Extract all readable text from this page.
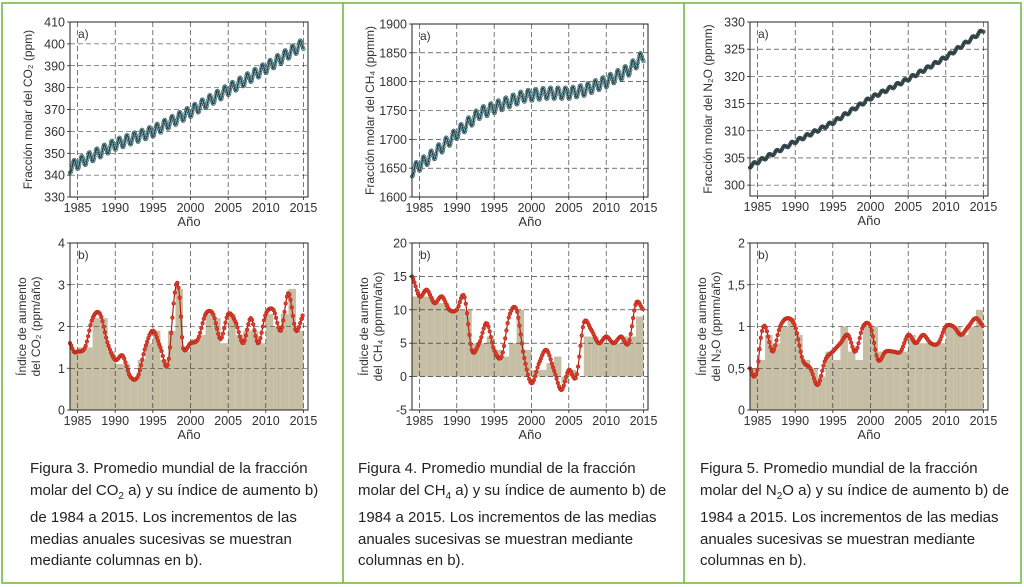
1985 1990 1995 2000 2005 2010 2015
330
340
350
360
370
380
390
400
410
a)
Año
Fracción molar del CO₂ (ppm)
1985 1990 1995 2000 2005 2010 2015
0
1
2
3
4
b)
Año
Índice de aumentodel CO₂ (ppm/año)
1985 1990 1995 2000 2005 2010 2015
1600
1650
1700
1750
1800
1850
1900
a)
Año
Fracción molar del CH₄ (ppmm)
1985 1990 1995 2000 2005 2010 2015
-5
0
5
10
15
20
b)
Año
Índice de aumentodel CH₄ (ppmm/año)
1985 1990 1995 2000 2005 2010 2015
300
305
310
315
320
325
330
a)
Año
Fracción molar del N₂O (ppmm)
1985 1990 1995 2000 2005 2010 2015
0
0,5
1
1,5
2
b)
Año
Índice de aumentodel N₂O (ppmm/año)
Figura 3. Promedio mundial de la fracción molar del $CO_2$ a) y su índice de aumento b) de 1984 a 2015. Los incrementos de las medias anuales sucesivas se muestran mediante columnas en b).
Figura 4. Promedio mundial de la fracción molar del $CH_4$ a) y su índice de aumento b) de 1984 a 2015. Los incrementos de las medias anuales sucesivas se muestran mediante columnas en b).
Figura 5. Promedio mundial de la fracción molar del $N_2O$ a) y su índice de aumento b) de 1984 a 2015. Los incrementos de las medias anuales sucesivas se muestran mediante columnas en b).
